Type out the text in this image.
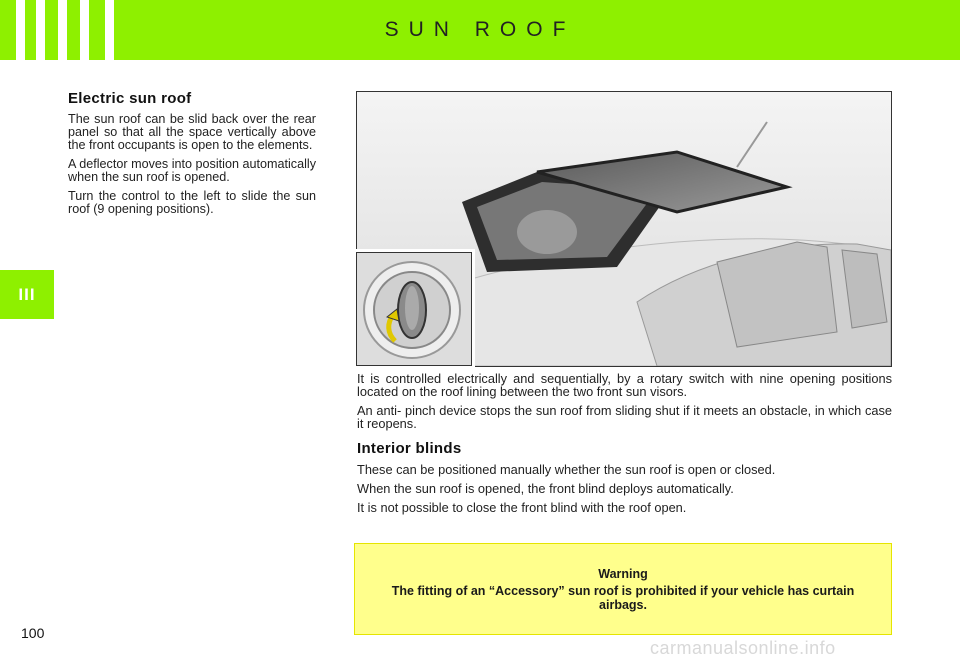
SUN ROOF
III
Electric sun roof

The sun roof can be slid back over the rear panel so that all the space vertically above the front occupants is open to the elements.

A deflector moves into position automatically when the sun roof is opened.

Turn the control to the left to slide the sun roof (9 opening positions).

It is controlled electrically and sequentially, by a rotary switch with nine opening positions located on the roof lining between the two front sun visors.

An anti- pinch device stops the sun roof from sliding shut if it meets an obstacle, in which case it reopens.

Interior blinds

These can be positioned manually whether the sun roof is open or closed.

When the sun roof is opened, the front blind deploys automatically.

It is not possible to close the front blind with the roof open.

Warning
The fitting of an “Accessory” sun roof is prohibited if your vehicle has curtain airbags.
100
carmanualsonline.info
